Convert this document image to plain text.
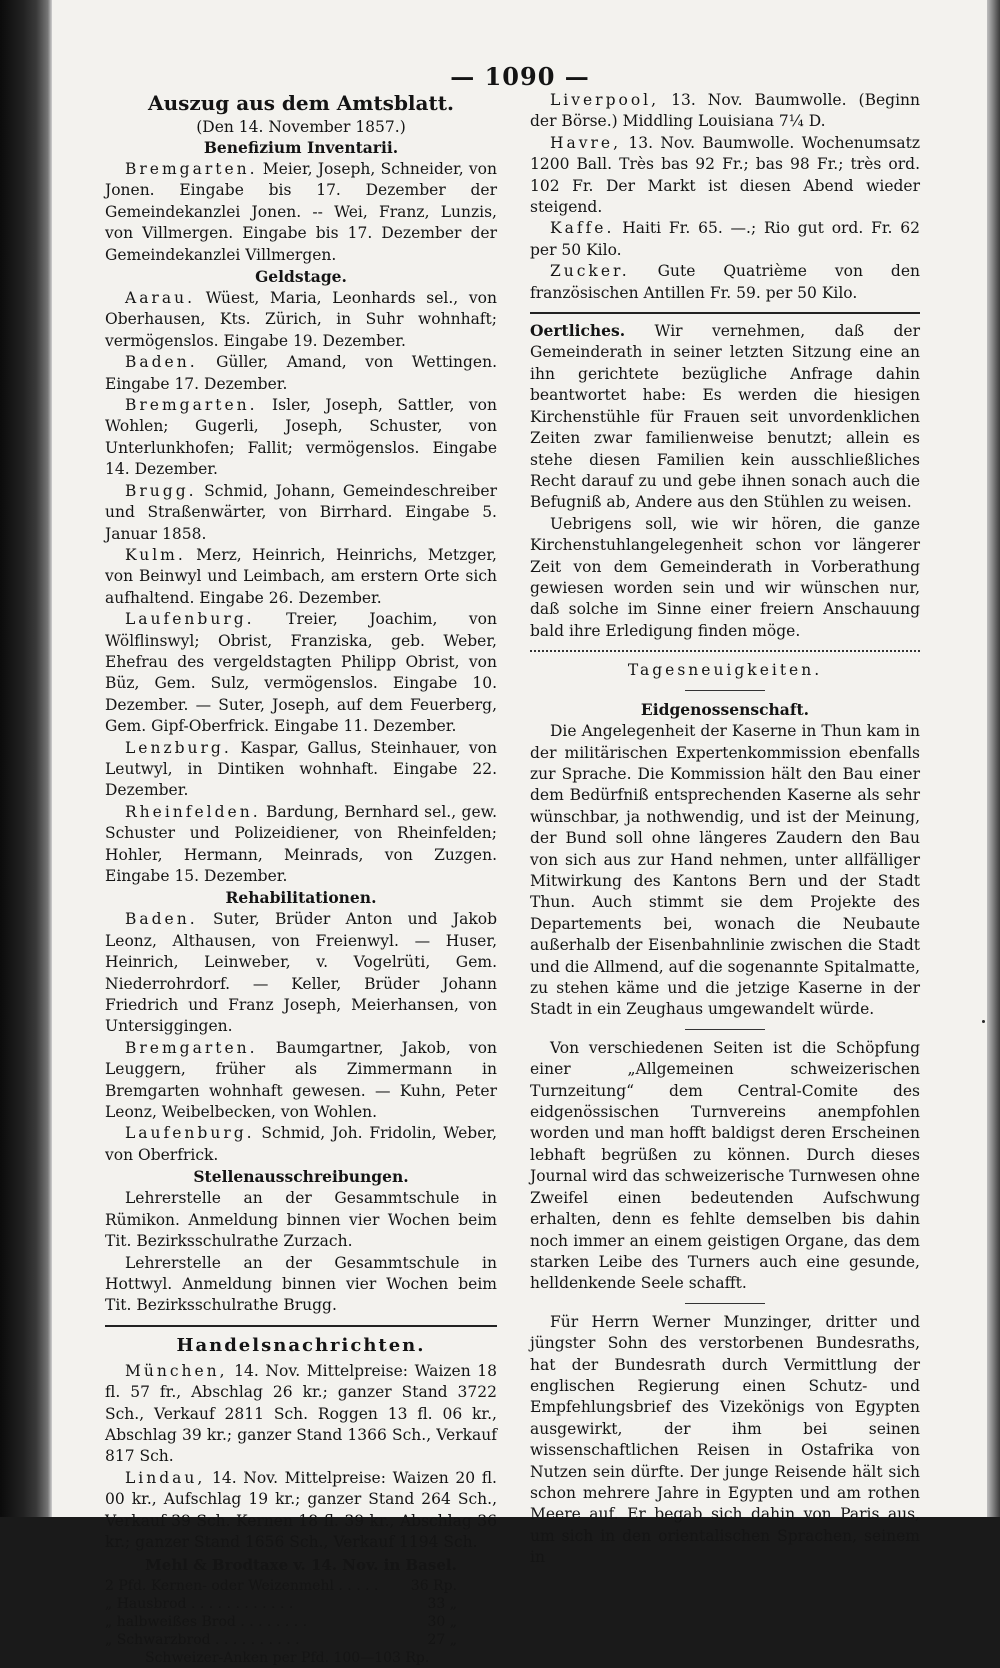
— 1090 —

Auszug aus dem Amtsblatt.

(Den 14. November 1857.)

Benefizium Inventarii.

Bremgarten. Meier, Joseph, Schneider, von Jonen. Eingabe bis 17. Dezember der Gemeindekanzlei Jonen. -- Wei, Franz, Lunzis, von Villmergen. Eingabe bis 17. Dezember der Gemeindekanzlei Villmergen.

Geldstage.

Aarau. Wüest, Maria, Leonhards sel., von Oberhausen, Kts. Zürich, in Suhr wohnhaft; vermögenslos. Eingabe 19. Dezember.

Baden. Güller, Amand, von Wettingen. Eingabe 17. Dezember.

Bremgarten. Isler, Joseph, Sattler, von Wohlen; Gugerli, Joseph, Schuster, von Unterlunkhofen; Fallit; vermögenslos. Eingabe 14. Dezember.

Brugg. Schmid, Johann, Gemeindeschreiber und Straßenwärter, von Birrhard. Eingabe 5. Januar 1858.

Kulm. Merz, Heinrich, Heinrichs, Metzger, von Beinwyl und Leimbach, am erstern Orte sich aufhaltend. Eingabe 26. Dezember.

Laufenburg. Treier, Joachim, von Wölflinswyl; Obrist, Franziska, geb. Weber, Ehefrau des vergeldstagten Philipp Obrist, von Büz, Gem. Sulz, vermögenslos. Eingabe 10. Dezember. — Suter, Joseph, auf dem Feuerberg, Gem. Gipf-Oberfrick. Eingabe 11. Dezember.

Lenzburg. Kaspar, Gallus, Steinhauer, von Leutwyl, in Dintiken wohnhaft. Eingabe 22. Dezember.

Rheinfelden. Bardung, Bernhard sel., gew. Schuster und Polizeidiener, von Rheinfelden; Hohler, Hermann, Meinrads, von Zuzgen. Eingabe 15. Dezember.

Rehabilitationen.

Baden. Suter, Brüder Anton und Jakob Leonz, Althausen, von Freienwyl. — Huser, Heinrich, Leinweber, v. Vogelrüti, Gem. Niederrohrdorf. — Keller, Brüder Johann Friedrich und Franz Joseph, Meierhansen, von Untersiggingen.

Bremgarten. Baumgartner, Jakob, von Leuggern, früher als Zimmermann in Bremgarten wohnhaft gewesen. — Kuhn, Peter Leonz, Weibelbecken, von Wohlen.

Laufenburg. Schmid, Joh. Fridolin, Weber, von Oberfrick.

Stellenausschreibungen.

Lehrerstelle an der Gesammtschule in Rümikon. Anmeldung binnen vier Wochen beim Tit. Bezirksschulrathe Zurzach.

Lehrerstelle an der Gesammtschule in Hottwyl. Anmeldung binnen vier Wochen beim Tit. Bezirksschulrathe Brugg.

Handelsnachrichten.

München, 14. Nov. Mittelpreise: Waizen 18 fl. 57 fr., Abschlag 26 kr.; ganzer Stand 3722 Sch., Verkauf 2811 Sch. Roggen 13 fl. 06 kr., Abschlag 39 kr.; ganzer Stand 1366 Sch., Verkauf 817 Sch.

Lindau, 14. Nov. Mittelpreise: Waizen 20 fl. 00 kr., Aufschlag 19 kr.; ganzer Stand 264 Sch., Verkauf 39 Sch. Kernen 18 fl. 39 kr., Abschlag 36 kr.; ganzer Stand 1656 Sch., Verkauf 1194 Sch.

Mehl & Brodtaxe v. 14. Nov. in Basel.

2 Pfd. Kernen- oder Weizenmehl . . . . . 36 Rp.
„ Hausbrod . . . . . . . . . . . .	33 „
„ halbweißes Brod . . . . . . . .	30 „
„ Schwarzbrod . . . . . . . . . .	27 „
Schweizer-Anken per Pfd. 100—103 Rp.

Liverpool, 13. Nov. Baumwolle. (Beginn der Börse.) Middling Louisiana 7¼ D.

Havre, 13. Nov. Baumwolle. Wochenumsatz 1200 Ball. Très bas 92 Fr.; bas 98 Fr.; très ord. 102 Fr. Der Markt ist diesen Abend wieder steigend.

Kaffe. Haiti Fr. 65. —.; Rio gut ord. Fr. 62 per 50 Kilo.

Zucker. Gute Quatrième von den französischen Antillen Fr. 59. per 50 Kilo.

Oertliches. Wir vernehmen, daß der Gemeinderath in seiner letzten Sitzung eine an ihn gerichtete bezügliche Anfrage dahin beantwortet habe: Es werden die hiesigen Kirchenstühle für Frauen seit unvordenklichen Zeiten zwar familienweise benutzt; allein es stehe diesen Familien kein ausschließliches Recht darauf zu und gebe ihnen sonach auch die Befugniß ab, Andere aus den Stühlen zu weisen.

Uebrigens soll, wie wir hören, die ganze Kirchenstuhlangelegenheit schon vor längerer Zeit von dem Gemeinderath in Vorberathung gewiesen worden sein und wir wünschen nur, daß solche im Sinne einer freiern Anschauung bald ihre Erledigung finden möge.

Tagesneuigkeiten.

Eidgenossenschaft.

Die Angelegenheit der Kaserne in Thun kam in der militärischen Expertenkommission ebenfalls zur Sprache. Die Kommission hält den Bau einer dem Bedürfniß entsprechenden Kaserne als sehr wünschbar, ja nothwendig, und ist der Meinung, der Bund soll ohne längeres Zaudern den Bau von sich aus zur Hand nehmen, unter allfälliger Mitwirkung des Kantons Bern und der Stadt Thun. Auch stimmt sie dem Projekte des Departements bei, wonach die Neubaute außerhalb der Eisenbahnlinie zwischen die Stadt und die Allmend, auf die sogenannte Spitalmatte, zu stehen käme und die jetzige Kaserne in der Stadt in ein Zeughaus umgewandelt würde.

Von verschiedenen Seiten ist die Schöpfung einer „Allgemeinen schweizerischen Turnzeitung“ dem Central-Comite des eidgenössischen Turnvereins anempfohlen worden und man hofft baldigst deren Erscheinen lebhaft begrüßen zu können. Durch dieses Journal wird das schweizerische Turnwesen ohne Zweifel einen bedeutenden Aufschwung erhalten, denn es fehlte demselben bis dahin noch immer an einem geistigen Organe, das dem starken Leibe des Turners auch eine gesunde, helldenkende Seele schafft.

Für Herrn Werner Munzinger, dritter und jüngster Sohn des verstorbenen Bundesraths, hat der Bundesrath durch Vermittlung der englischen Regierung einen Schutz- und Empfehlungsbrief des Vizekönigs von Egypten ausgewirkt, der ihm bei seinen wissenschaftlichen Reisen in Ostafrika von Nutzen sein dürfte. Der junge Reisende hält sich schon mehrere Jahre in Egypten und am rothen Meere auf. Er begab sich dahin von Paris aus, um sich in den orientalischen Sprachen, seinem in
